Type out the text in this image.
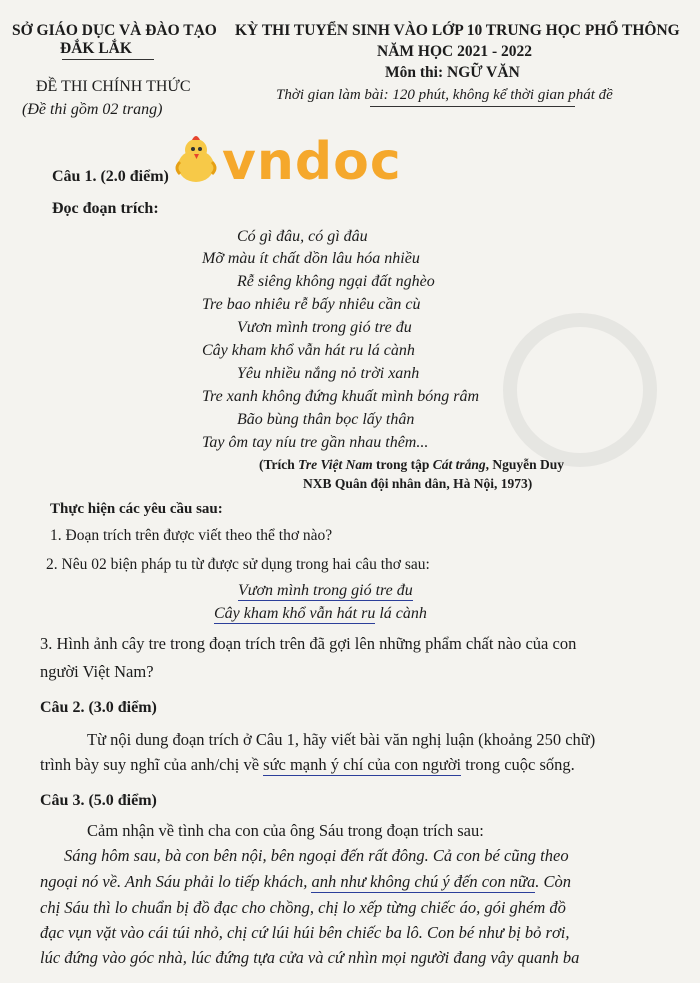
SỞ GIÁO DỤC VÀ ĐÀO TẠO
ĐẮK LẮK
KỲ THI TUYỂN SINH VÀO LỚP 10 TRUNG HỌC PHỔ THÔNG
NĂM HỌC 2021 - 2022
Môn thi: NGỮ VĂN
Thời gian làm bài: 120 phút, không kể thời gian phát đề
ĐỀ THI CHÍNH THỨC
(Đề thi gồm 02 trang)
vndoc
Câu 1. (2.0 điểm)
Đọc đoạn trích:
Có gì đâu, có gì đâu
Mỡ màu ít chất dồn lâu hóa nhiều
Rễ siêng không ngại đất nghèo
Tre bao nhiêu rễ bấy nhiêu cần cù
Vươn mình trong gió tre đu
Cây kham khổ vẫn hát ru lá cành
Yêu nhiều nắng nỏ trời xanh
Tre xanh không đứng khuất mình bóng râm
Bão bùng thân bọc lấy thân
Tay ôm tay níu tre gần nhau thêm...
(Trích Tre Việt Nam trong tập Cát trắng, Nguyễn Duy
NXB Quân đội nhân dân, Hà Nội, 1973)
Thực hiện các yêu cầu sau:
1. Đoạn trích trên được viết theo thể thơ nào?
2. Nêu 02 biện pháp tu từ được sử dụng trong hai câu thơ sau:
Vươn mình trong gió tre đu
Cây kham khổ vẫn hát ru lá cành
3. Hình ảnh cây tre trong đoạn trích trên đã gợi lên những phẩm chất nào của con
người Việt Nam?
Câu 2. (3.0 điểm)
Từ nội dung đoạn trích ở Câu 1, hãy viết bài văn nghị luận (khoảng 250 chữ)
trình bày suy nghĩ của anh/chị về sức mạnh ý chí của con người trong cuộc sống.
Câu 3. (5.0 điểm)
Cảm nhận về tình cha con của ông Sáu trong đoạn trích sau:
Sáng hôm sau, bà con bên nội, bên ngoại đến rất đông. Cả con bé cũng theo
ngoại nó về. Anh Sáu phải lo tiếp khách, anh như không chú ý đến con nữa. Còn
chị Sáu thì lo chuẩn bị đồ đạc cho chồng, chị lo xếp từng chiếc áo, gói ghém đồ
đạc vụn vặt vào cái túi nhỏ, chị cứ lúi húi bên chiếc ba lô. Con bé như bị bỏ rơi,
lúc đứng vào góc nhà, lúc đứng tựa cửa và cứ nhìn mọi người đang vây quanh ba
